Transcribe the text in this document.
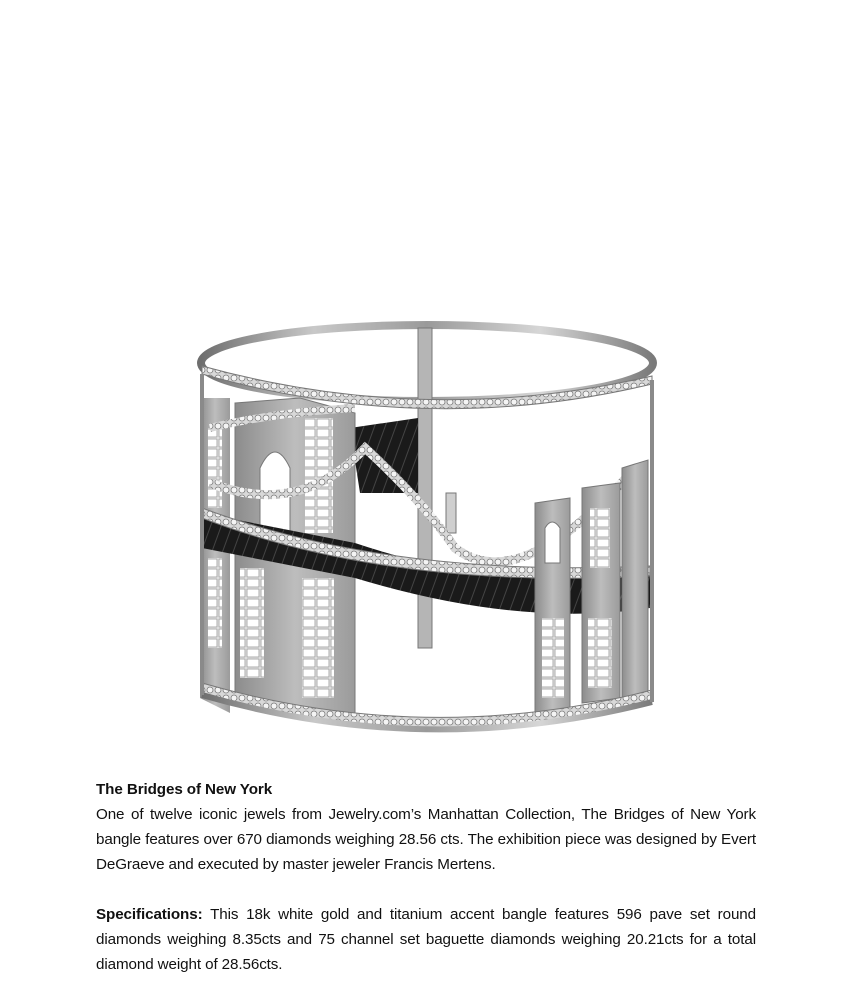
The Bridges of New York

One of twelve iconic jewels from Jewelry.com’s Manhattan Collection, The Bridges of New York bangle features over 670 diamonds weighing 28.56 cts. The exhibition piece was designed by Evert DeGraeve and executed by master jeweler Francis Mertens.

Specifications: This 18k white gold and titanium accent bangle features 596 pave set round diamonds weighing 8.35cts and 75 channel set baguette diamonds weighing 20.21cts for a total diamond weight of 28.56cts.
